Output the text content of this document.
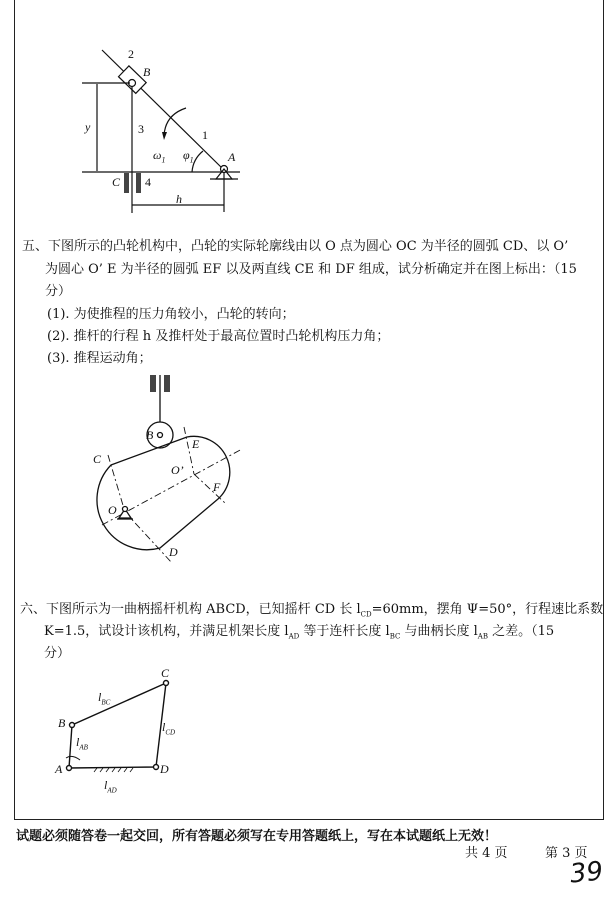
2
B
y	3	1
$\omega_1$ $\varphi_1$	A
C 4
h
五、下图所示的凸轮机构中，凸轮的实际轮廓线由以 O 点为圆心 OC 为半径的圆弧 CD、以 O’
为圆心 O’ E 为半径的圆弧 EF 以及两直线 CE 和 DF 组成，试分析确定并在图上标出：（15
分）
(1). 为使推程的压力角较小，凸轮的转向；
(2). 推杆的行程 h 及推杆处于最高位置时凸轮机构压力角；
(3). 推程运动角；
B
C
E
O’
F
O
D
六、下图所示为一曲柄摇杆机构 ABCD，已知摇杆 CD 长 $l_{CD}=60mm$，摆角 Ψ=50°，行程速比系数
K=1.5，试设计该机构，并满足机架长度 $l_{AD}$ 等于连杆长度 $l_{BC}$ 与曲柄长度 $l_{AB}$ 之差。（15
分）
A
B
C
D
$l_{BC}$
$l_{AB}$
$l_{CD}$
$l_{AD}$
试题必须随答卷一起交回，所有答题必须写在专用答题纸上，写在本试题纸上无效！
共 4 页	第 3 页
39
